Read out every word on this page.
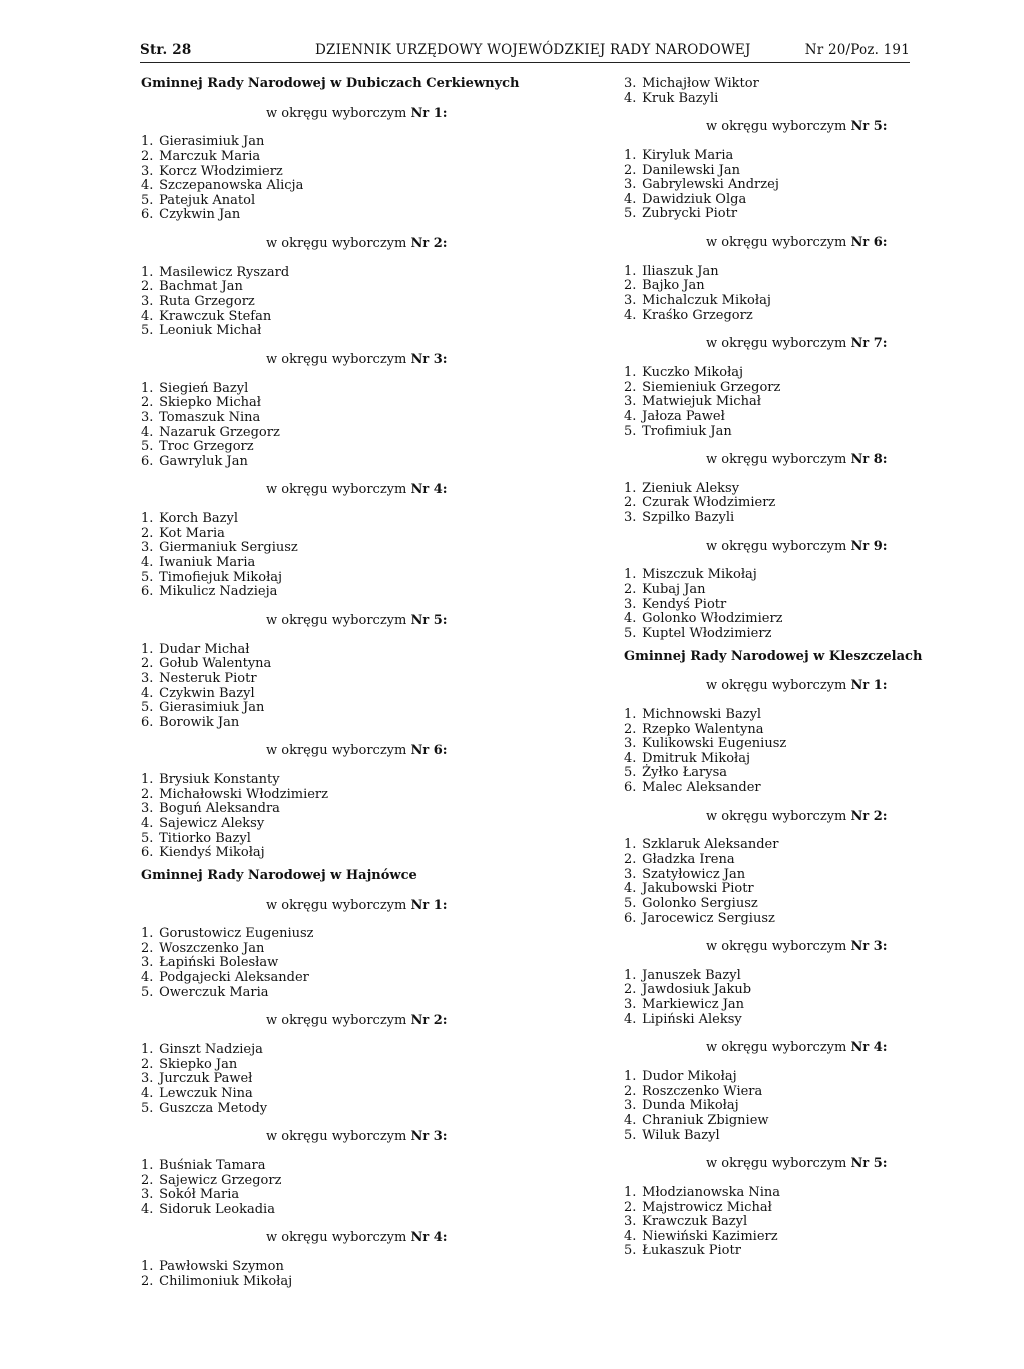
Str. 28	DZIENNIK URZĘDOWY WOJEWÓDZKIEJ RADY NARODOWEJ	Nr 20/Poz. 191
Gminnej Rady Narodowej w Dubiczach Cerkiewnych
w okręgu wyborczym Nr 1:
1. Gierasimiuk Jan
2. Marczuk Maria
3. Korcz Włodzimierz
4. Szczepanowska Alicja
5. Patejuk Anatol
6. Czykwin Jan
w okręgu wyborczym Nr 2:
1. Masilewicz Ryszard
2. Bachmat Jan
3. Ruta Grzegorz
4. Krawczuk Stefan
5. Leoniuk Michał
w okręgu wyborczym Nr 3:
1. Siegień Bazyl
2. Skiepko Michał
3. Tomaszuk Nina
4. Nazaruk Grzegorz
5. Troc Grzegorz
6. Gawryluk Jan
w okręgu wyborczym Nr 4:
1. Korch Bazyl
2. Kot Maria
3. Giermaniuk Sergiusz
4. Iwaniuk Maria
5. Timofiejuk Mikołaj
6. Mikulicz Nadzieja
w okręgu wyborczym Nr 5:
1. Dudar Michał
2. Gołub Walentyna
3. Nesteruk Piotr
4. Czykwin Bazyl
5. Gierasimiuk Jan
6. Borowik Jan
w okręgu wyborczym Nr 6:
1. Brysiuk Konstanty
2. Michałowski Włodzimierz
3. Boguń Aleksandra
4. Sajewicz Aleksy
5. Titiorko Bazyl
6. Kiendyś Mikołaj
Gminnej Rady Narodowej w Hajnówce
w okręgu wyborczym Nr 1:
1. Gorustowicz Eugeniusz
2. Woszczenko Jan
3. Łapiński Bolesław
4. Podgajecki Aleksander
5. Owerczuk Maria
w okręgu wyborczym Nr 2:
1. Ginszt Nadzieja
2. Skiepko Jan
3. Jurczuk Paweł
4. Lewczuk Nina
5. Guszcza Metody
w okręgu wyborczym Nr 3:
1. Buśniak Tamara
2. Sajewicz Grzegorz
3. Sokół Maria
4. Sidoruk Leokadia
w okręgu wyborczym Nr 4:
1. Pawłowski Szymon
2. Chilimoniuk Mikołaj
3. Michajłow Wiktor
4. Kruk Bazyli
w okręgu wyborczym Nr 5:
1. Kiryluk Maria
2. Danilewski Jan
3. Gabrylewski Andrzej
4. Dawidziuk Olga
5. Zubrycki Piotr
w okręgu wyborczym Nr 6:
1. Iliaszuk Jan
2. Bajko Jan
3. Michalczuk Mikołaj
4. Kraśko Grzegorz
w okręgu wyborczym Nr 7:
1. Kuczko Mikołaj
2. Siemieniuk Grzegorz
3. Matwiejuk Michał
4. Jałoza Paweł
5. Trofimiuk Jan
w okręgu wyborczym Nr 8:
1. Zieniuk Aleksy
2. Czurak Włodzimierz
3. Szpilko Bazyli
w okręgu wyborczym Nr 9:
1. Miszczuk Mikołaj
2. Kubaj Jan
3. Kendyś Piotr
4. Golonko Włodzimierz
5. Kuptel Włodzimierz
Gminnej Rady Narodowej w Kleszczelach
w okręgu wyborczym Nr 1:
1. Michnowski Bazyl
2. Rzepko Walentyna
3. Kulikowski Eugeniusz
4. Dmitruk Mikołaj
5. Żyłko Łarysa
6. Malec Aleksander
w okręgu wyborczym Nr 2:
1. Szklaruk Aleksander
2. Gładzka Irena
3. Szatyłowicz Jan
4. Jakubowski Piotr
5. Golonko Sergiusz
6. Jarocewicz Sergiusz
w okręgu wyborczym Nr 3:
1. Januszek Bazyl
2. Jawdosiuk Jakub
3. Markiewicz Jan
4. Lipiński Aleksy
w okręgu wyborczym Nr 4:
1. Dudor Mikołaj
2. Roszczenko Wiera
3. Dunda Mikołaj
4. Chraniuk Zbigniew
5. Wiluk Bazyl
w okręgu wyborczym Nr 5:
1. Młodzianowska Nina
2. Majstrowicz Michał
3. Krawczuk Bazyl
4. Niewiński Kazimierz
5. Łukaszuk Piotr
